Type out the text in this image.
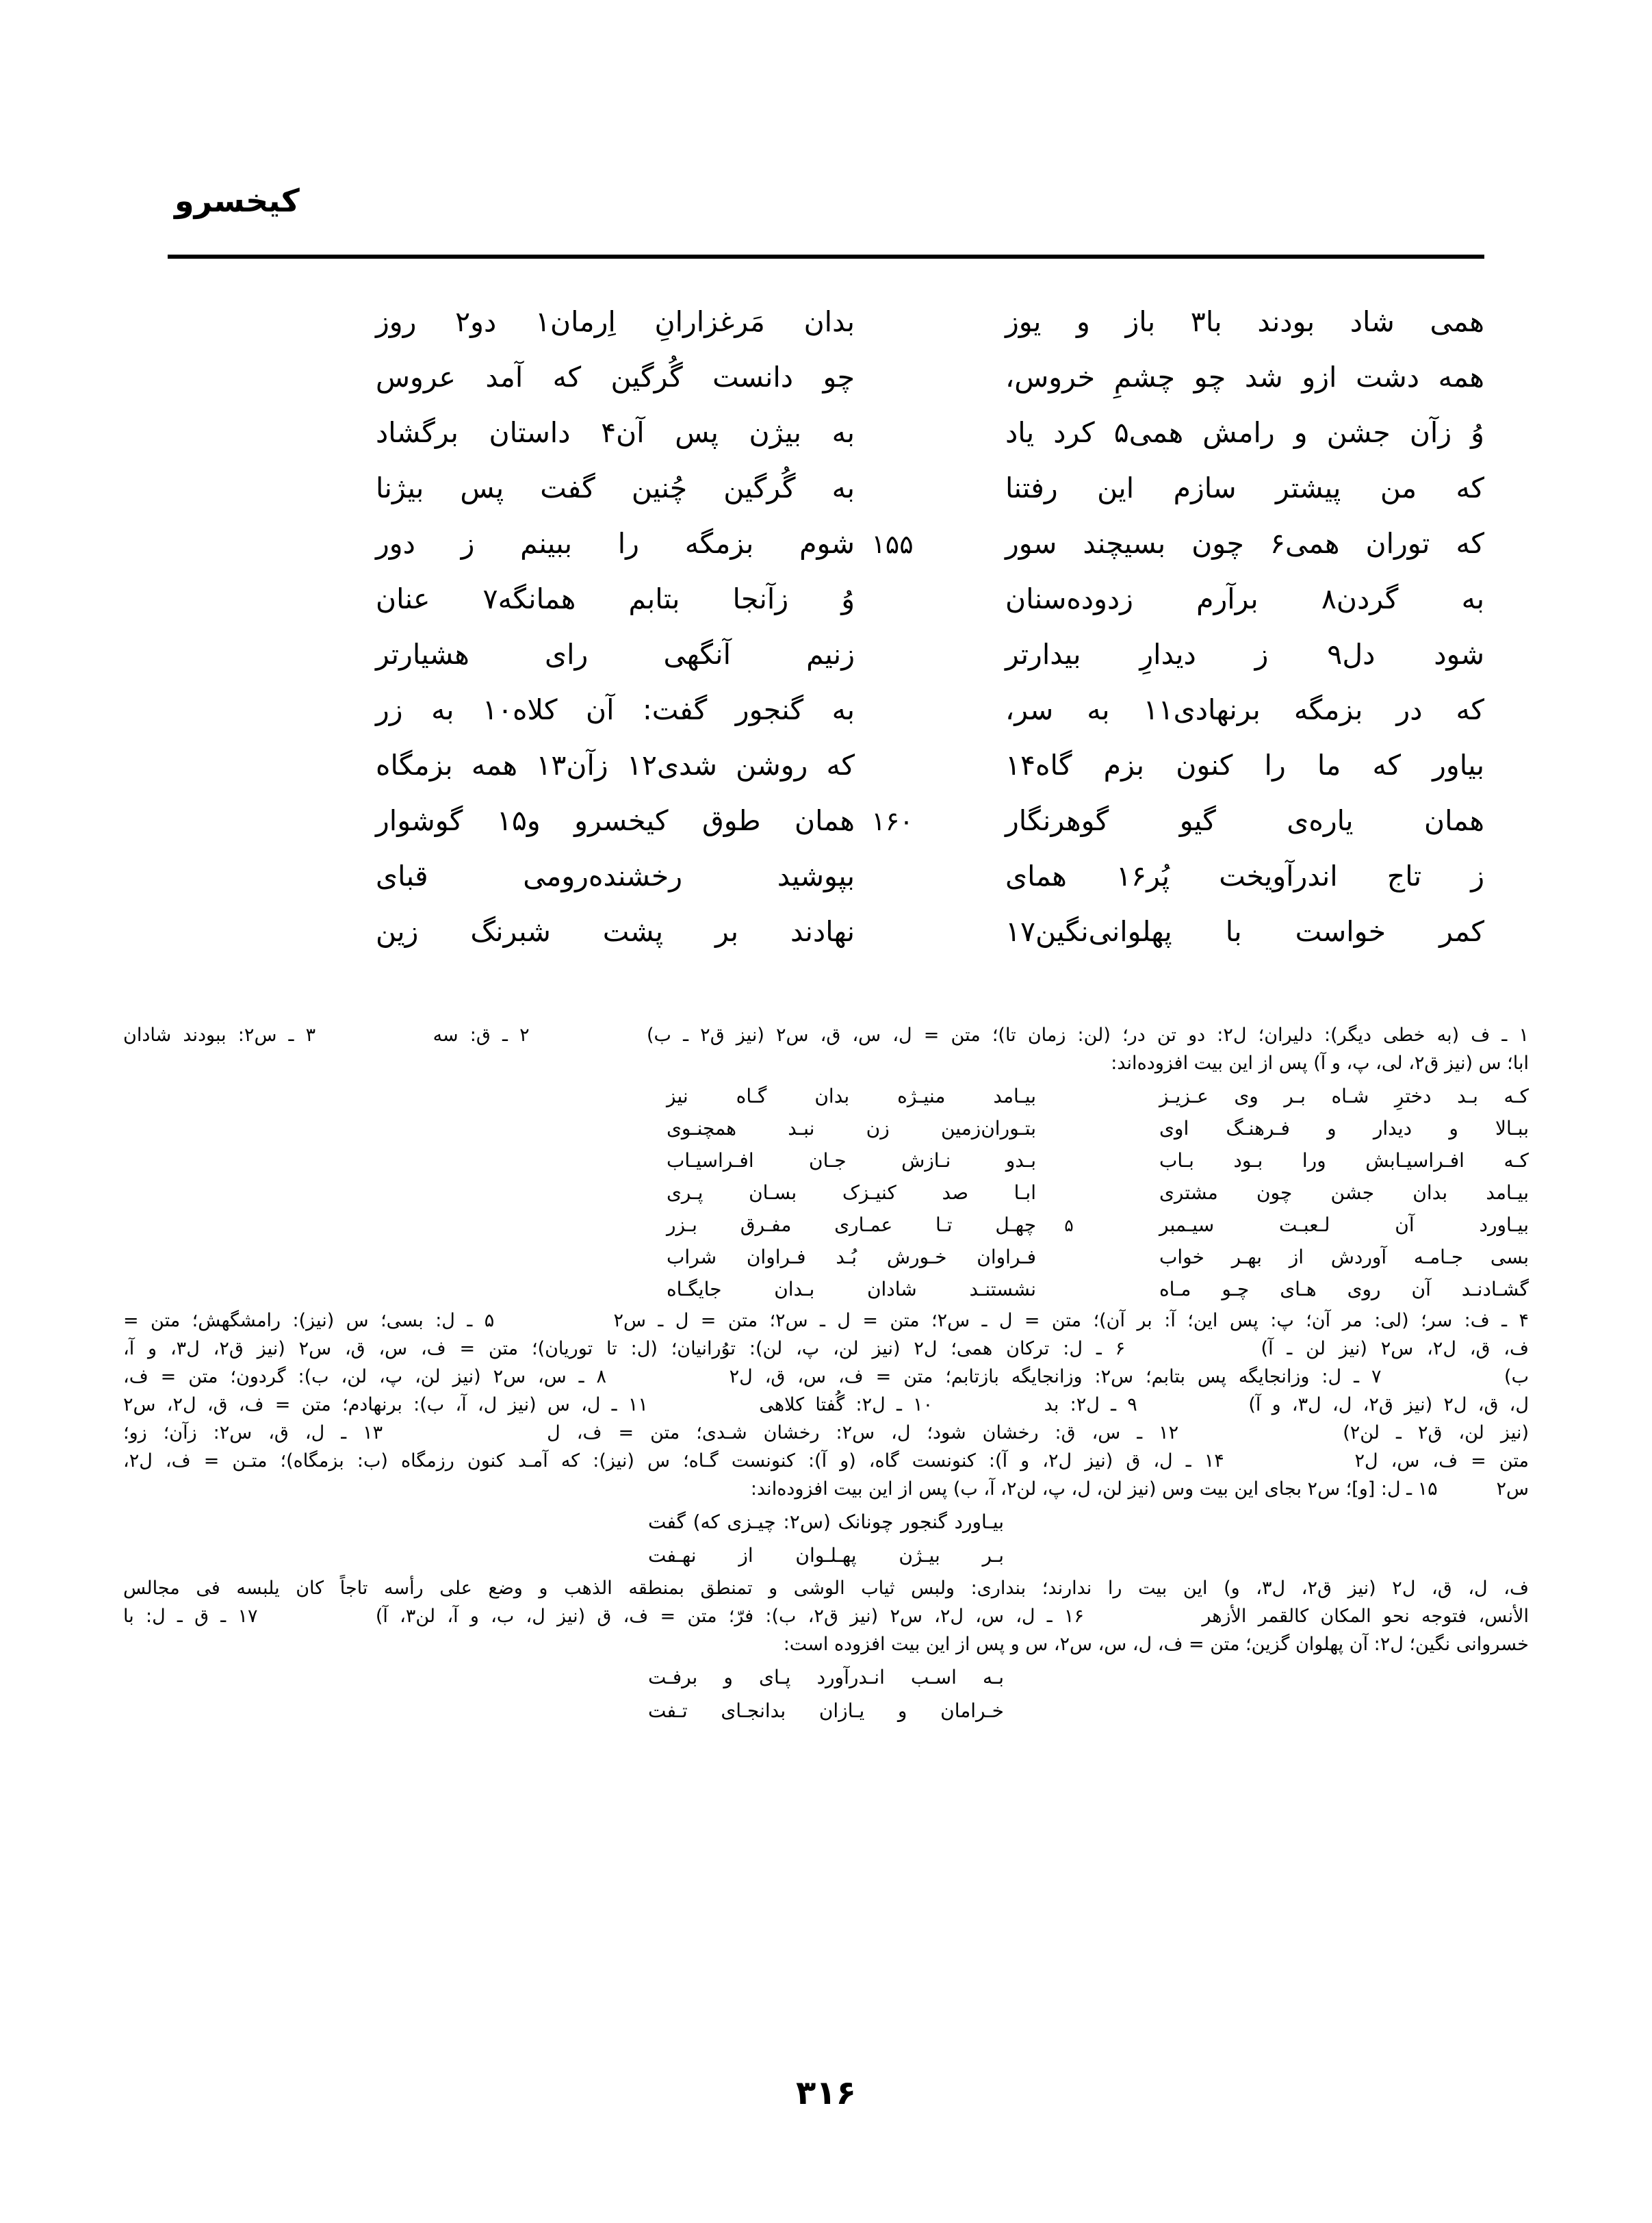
کیخسرو
همی شاد بودند با۳ باز و یوز
بدان مَرغزارانِ اِرمان۱ دو۲ روز
همه دشت ازو شد چو چشمِ خروس،
چو دانست گُرگین که آمد عروس
وُ زآن جشن و رامش همی۵ کرد یاد
به بیژن پس آن۴ داستان برگشاد
که من پیشتر سازم این رفتنا
به گُرگین چُنین گفت پس بیژنا
که توران همی۶ چون بسیچند سور
۱۵۵
شوم بزمگه را ببینم ز دور
به گردن۸ برآرم زدوده‌سنان
وُ زآنجا بتابم همانگه۷ عنان
شود دل۹ ز دیدارِ بیدارتر
زنیم آنگهی رای هشیارتر
که در بزمگه برنهادی۱۱ به سر،
به گنجور گفت: آن کلاه۱۰ به زر
بیاور که ما را کنون بزم گاه۱۴
که روشن شدی۱۲ زآن۱۳ همه بزمگاه
همان یاره‌ی گیو گوهرنگار
۱۶۰
همان طوق کیخسرو و۱۵ گوشوار
ز تاج اندرآویخت پُر۱۶ همای
بپوشید رخشنده‌رومی قبای
کمر خواست با پهلوانی‌نگین۱۷
نهادند بر پشت شبرنگ زین
۱ ـ ف (به خطی دیگر): دلیران؛ ل۲: دو تن در؛ (لن: زمان تا)؛ متن = ل، س، ق، س۲ (نیز ق۲ ـ ب)          ۲ ـ ق: سه          ۳ ـ س۲: ببودند شادان
ابا؛ س (نیز ق۲، لی، پ، و آ) پس از این بیت افزوده‌اند:
کـه بـد دخترِ شـاه بـر وی عـزیـز
بیـامد منیـژه بدان گـاه نیز
ببـالا و دیدار و فـرهنـگ اوی
بتـوران‌زمین زن نبـد همچنـوی
کـه افـراسیـابش ورا بـود بـاب
بـدو نـازش جـان افـراسیـاب
بیـامد بدان جشن چون مشتری
ابـا صد کنیـزک بسـان پـری
بیـاورد آن لـعبـت سیـمبر
۵
چهـل تـا عمـاری مفـرق بـزر
بسی جـامـه آوردش از بهـر خواب
فـراوان خـورش بُـد فـراوان شراب
گشـادنـد آن روی هـای چـو مـاه
نشستنـد شادان بـدان جایگـاه
۴ ـ ف: سر؛ (لی: مر آن؛ پ: پس این؛ آ: بر آن)؛ متن = ل ـ س۲؛ متن = ل ـ س۲؛ متن = ل ـ س۲          ۵ ـ ل: بسی؛ س (نیز): رامشگهش؛ متن =
ف، ق، ل۲، س۲ (نیز لن ـ آ)          ۶ ـ ل: ترکان همی؛ ل۲ (نیز لن، پ، لن): توُرانیان؛ (ل: تا توریان)؛ متن = ف، س، ق، س۲ (نیز ق۲، ل۳، و آ،
ب)          ۷ ـ ل: وزانجایگه پس بتابم؛ س۲: وزانجایگه بازتابم؛ متن = ف، س، ق، ل۲          ۸ ـ س، س۲ (نیز لن، پ، لن، ب): گردون؛ متن = ف،
ل، ق، ل۲ (نیز ق۲، ل، ل۳، و آ)          ۹ ـ ل۲: بد          ۱۰ ـ ل۲: گُفتا کلاهی          ۱۱ ـ ل، س (نیز ل، آ، ب): برنهادم؛ متن = ف، ق، ل۲، س۲
(نیز لن، ق۲ ـ لن۲)          ۱۲ ـ س، ق: رخشان شود؛ ل، س۲: رخشان شـدی؛ متن = ف، ل          ۱۳ ـ ل، ق، س۲: زآن؛ زو؛
متن = ف، س، ل۲          ۱۴ ـ ل، ق (نیز ل۲، و آ): کنونست گاه، (و آ): کنونست گـاه؛ س (نیز): که آمـد کنون رزمگاه (ب: بزمگاه)؛ متـن = ف، ل۲،
س۲          ۱۵ ـ ل: [و]؛ س۲ بجای این بیت وس (نیز لن، ل، پ، لن۲، آ، ب) پس از این بیت افزوده‌اند:
بیـاورد گنجور چونانک (س۲: چیـزی که) گفت
بـر بیـژن پهـلـوان از نهـفت
ف، ل، ق، ل۲ (نیز ق۲، ل۳، و) این بیت را ندارند؛ بنداری: ولبس ثیاب الوشی و تمنطق بمنطقه الذهب و وضع علی رأسه تاجاً کان یلبسه فی مجالس
الأنس، فتوجه نحو المکان کالقمر الأزهر          ۱۶ ـ ل، س، ل۲، س۲ (نیز ق۲، ب): فرّ؛ متن = ف، ق (نیز ل، ب، و آ، لن۳، آ)          ۱۷ ـ ق ـ ل: با
خسروانی نگین؛ ل۲: آن پهلوان گزین؛ متن = ف، ل، س، س۲، س و پس از این بیت افزوده است:
بـه اسـب انـدرآورد پـای و برفـت
خـرامان و یـازان بدانجـای تـفت
۳۱۶
